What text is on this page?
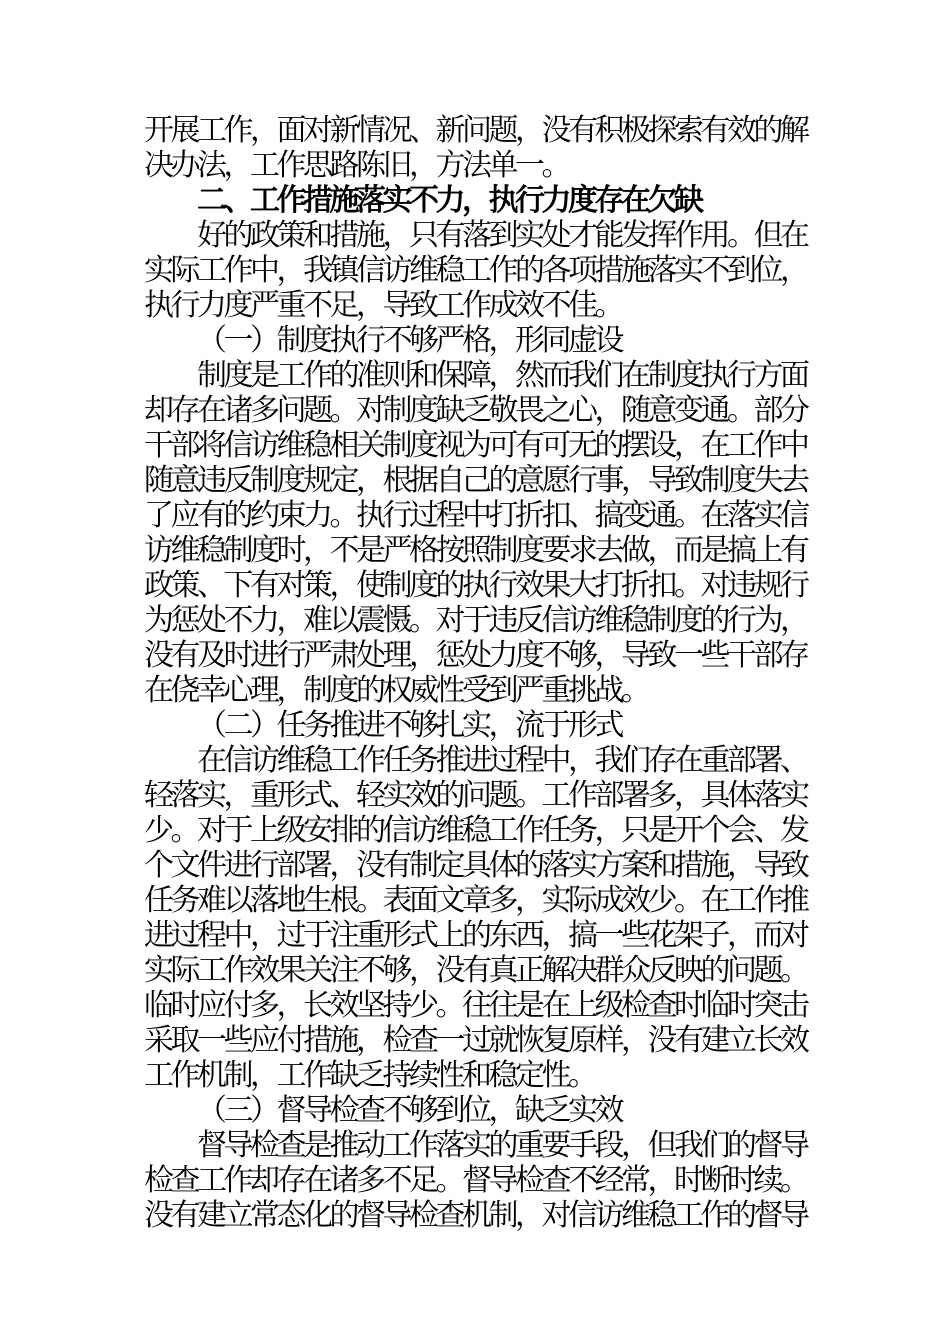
开展工作，面对新情况、新问题，没有积极探索有效的解
决办法，工作思路陈旧，方法单一。
二、工作措施落实不力，执行力度存在欠缺
好的政策和措施，只有落到实处才能发挥作用。但在
实际工作中，我镇信访维稳工作的各项措施落实不到位，
执行力度严重不足，导致工作成效不佳。
（一）制度执行不够严格，形同虚设
制度是工作的准则和保障，然而我们在制度执行方面
却存在诸多问题。对制度缺乏敬畏之心，随意变通。部分
干部将信访维稳相关制度视为可有可无的摆设，在工作中
随意违反制度规定，根据自己的意愿行事，导致制度失去
了应有的约束力。执行过程中打折扣、搞变通。在落实信
访维稳制度时，不是严格按照制度要求去做，而是搞上有
政策、下有对策，使制度的执行效果大打折扣。对违规行
为惩处不力，难以震慑。对于违反信访维稳制度的行为，
没有及时进行严肃处理，惩处力度不够，导致一些干部存
在侥幸心理，制度的权威性受到严重挑战。
（二）任务推进不够扎实，流于形式
在信访维稳工作任务推进过程中，我们存在重部署、
轻落实，重形式、轻实效的问题。工作部署多，具体落实
少。对于上级安排的信访维稳工作任务，只是开个会、发
个文件进行部署，没有制定具体的落实方案和措施，导致
任务难以落地生根。表面文章多，实际成效少。在工作推
进过程中，过于注重形式上的东西，搞一些花架子，而对
实际工作效果关注不够，没有真正解决群众反映的问题。
临时应付多，长效坚持少。往往是在上级检查时临时突击
采取一些应付措施，检查一过就恢复原样，没有建立长效
工作机制，工作缺乏持续性和稳定性。
（三）督导检查不够到位，缺乏实效
督导检查是推动工作落实的重要手段，但我们的督导
检查工作却存在诸多不足。督导检查不经常，时断时续。
没有建立常态化的督导检查机制，对信访维稳工作的督导
